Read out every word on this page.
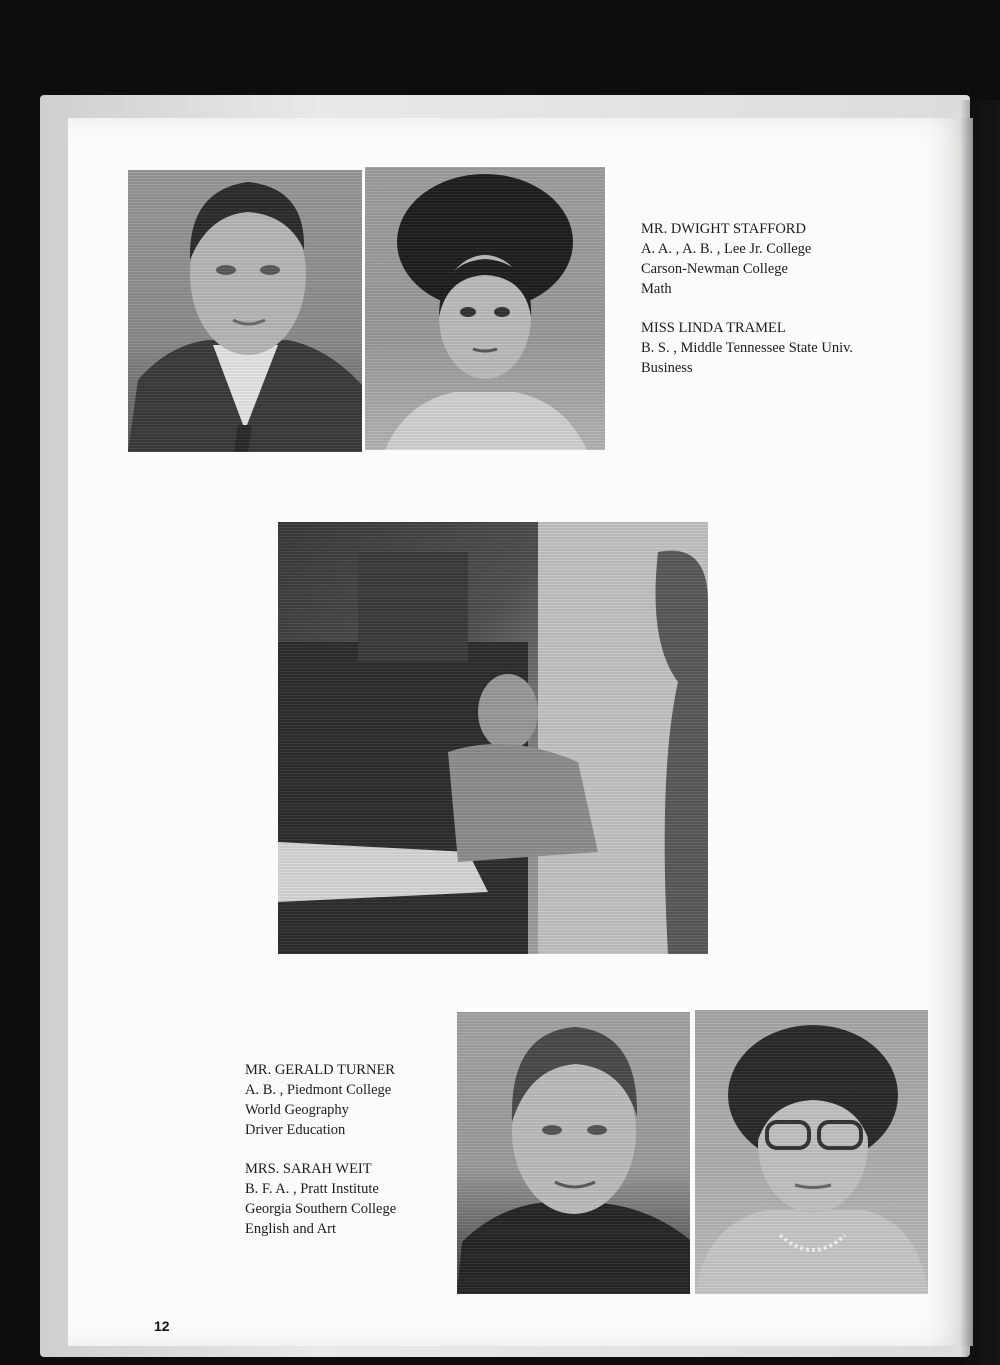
MR. DWIGHT STAFFORD
A. A. , A. B. , Lee Jr. College
Carson-Newman College
Math
MISS LINDA TRAMEL
B. S. , Middle Tennessee State Univ.
Business
MR. GERALD TURNER
A. B. , Piedmont College
World Geography
Driver Education
MRS. SARAH WEIT
B. F. A. , Pratt Institute
Georgia Southern College
English and Art
12
